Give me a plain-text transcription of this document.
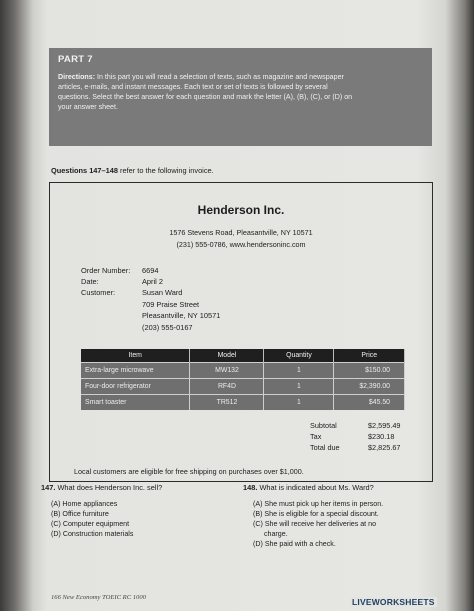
PART 7
Directions: In this part you will read a selection of texts, such as magazine and newspaper
articles, e-mails, and instant messages. Each text or set of texts is followed by several
questions. Select the best answer for each question and mark the letter (A), (B), (C), or (D) on
your answer sheet.
Questions 147–148 refer to the following invoice.
Henderson Inc.
1576 Stevens Road, Pleasantville, NY 10571
(231) 555-0786, www.hendersoninc.com
Order Number: 6694
Date:	April 2
Customer:	Susan Ward
709 Praise Street
Pleasantville, NY 10571
(203) 555-0167
Item	Model	Quantity	Price
Extra-large microwave	MW132	1	$150.00
Four-door refrigerator	RF4D	1	$2,390.00
Smart toaster	TR512	1	$45.50
Subtotal	$2,595.49
Tax	$230.18
Total due	$2,825.67
Local customers are eligible for free shipping on purchases over $1,000.
147. What does Henderson Inc. sell?
(A) Home appliances
(B) Office furniture
(C) Computer equipment
(D) Construction materials
148. What is indicated about Ms. Ward?
(A) She must pick up her items in person.
(B) She is eligible for a special discount.
(C) She will receive her deliveries at no
charge.
(D) She paid with a check.
166 New Economy TOEIC RC 1000	LIVEWORKSHEETS
